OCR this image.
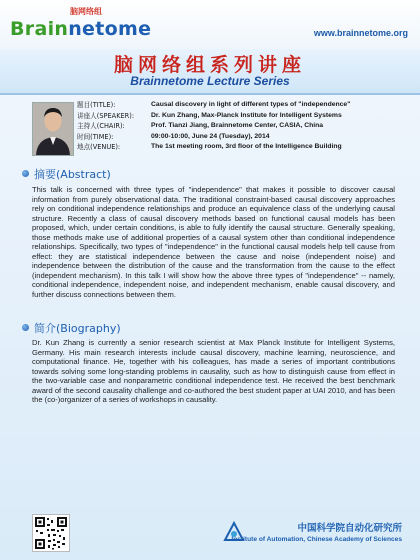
脑网络组
Brainnetome	www.brainnetome.org
脑网络组系列讲座
Brainnetome Lecture Series
题目(TITLE):	Causal discovery in light of different types of "independence"
讲座人(SPEAKER): Dr. Kun Zhang, Max-Planck Institute for Intelligent Systems
主持人(CHAIR):	Prof. Tianzi Jiang, Brainnetome Center, CASIA, China
时间(TIME):	09:00-10:00, June 24 (Tuesday), 2014
地点(VENUE):	The 1st meeting room, 3rd floor of the Intelligence Building
摘要(Abstract)
This talk is concerned with three types of "independence" that makes it possible to discover causal information from purely observational data. The traditional constraint-based causal discovery approaches rely on conditional independence relationships and produce an equivalence class of the underlying causal structure. Recently a class of causal discovery methods based on functional causal models has been proposed, which, under certain conditions, is able to fully identify the causal structure. Generally speaking, those methods make use of additional properties of a causal system other than conditional independence relationships. Specifically, two types of "independence" in the functional causal models help tell cause from effect: they are statistical independence between the cause and noise (independent noise) and independence between the distribution of the cause and the transformation from the cause to the effect (independent mechanism). In this talk I will show how the above three types of "independence" -- namely, conditional independence, independent noise, and independent mechanism, enable causal discovery, and further discuss connections between them.
简介(Biography)
Dr. Kun Zhang is currently a senior research scientist at Max Planck Institute for Intelligent Systems, Germany. His main research interests include causal discovery, machine learning, neuroscience, and computational finance. He, together with his colleagues, has made a series of important contributions towards solving some long-standing problems in causality, such as how to distinguish cause from effect in the two-variable case and nonparametric conditional independence test. He received the best benchmark award of the second causality challenge and co-authored the best student paper at UAI 2010, and has been the (co-)organizer of a series of workshops in causality.
中国科学院自动化研究所
Institute of Automation, Chinese Academy of Sciences
